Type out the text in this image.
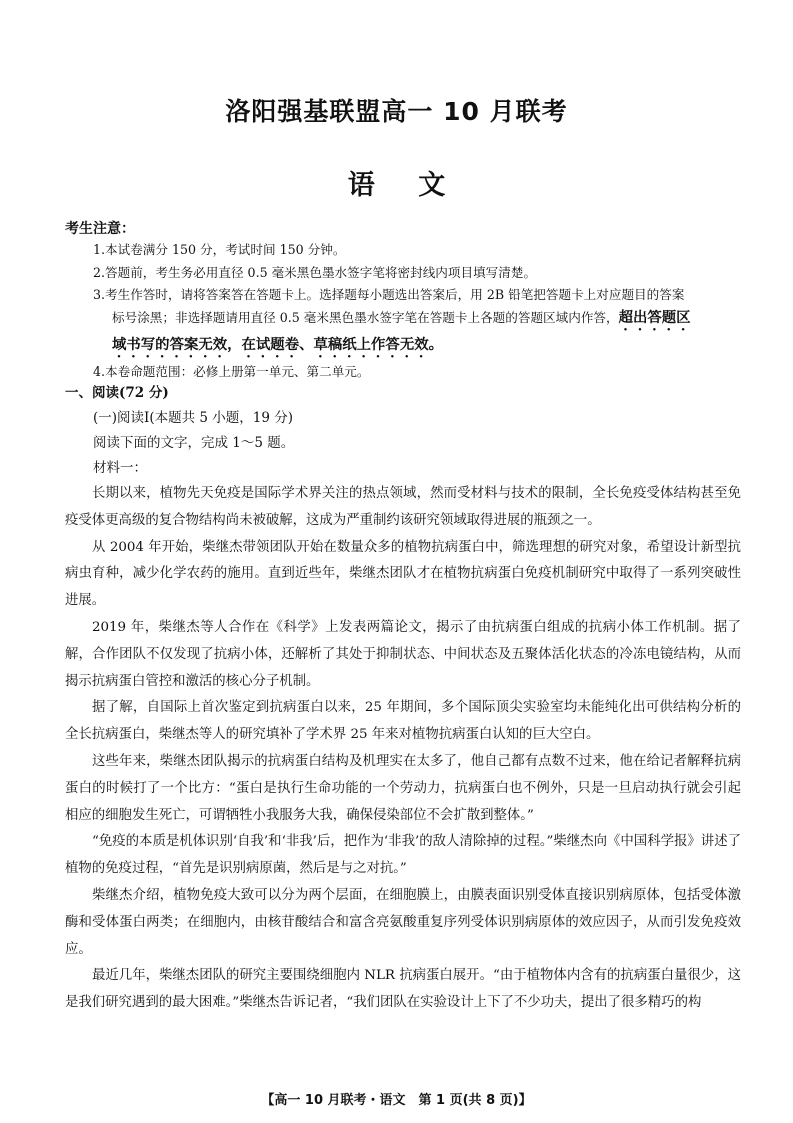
洛阳强基联盟高一 10 月联考
语 文
考生注意：

1.本试卷满分 150 分，考试时间 150 分钟。

2.答题前，考生务必用直径 0.5 毫米黑色墨水签字笔将密封线内项目填写清楚。

3.考生作答时，请将答案答在答题卡上。选择题每小题选出答案后，用 2B 铅笔把答题卡上对应题目的答案

标号涂黑；非选择题请用直径 0.5 毫米黑色墨水签字笔在答题卡上各题的答题区域内作答，超出答题区

域书写的答案无效，在试题卷、草稿纸上作答无效。

4.本卷命题范围：必修上册第一单元、第二单元。

一、阅读(72 分)
(一)阅读Ⅰ(本题共 5 小题，19 分)
阅读下面的文字，完成 1～5 题。
材料一：

长期以来，植物先天免疫是国际学术界关注的热点领域，然而受材料与技术的限制，全长免疫受体结构甚至免疫受体更高级的复合物结构尚未被破解，这成为严重制约该研究领域取得进展的瓶颈之一。

从 2004 年开始，柴继杰带领团队开始在数量众多的植物抗病蛋白中，筛选理想的研究对象，希望设计新型抗病虫育种，减少化学农药的施用。直到近些年，柴继杰团队才在植物抗病蛋白免疫机制研究中取得了一系列突破性进展。

2019 年，柴继杰等人合作在《科学》上发表两篇论文，揭示了由抗病蛋白组成的抗病小体工作机制。据了解，合作团队不仅发现了抗病小体，还解析了其处于抑制状态、中间状态及五聚体活化状态的冷冻电镜结构，从而揭示抗病蛋白管控和激活的核心分子机制。

据了解，自国际上首次鉴定到抗病蛋白以来，25 年期间，多个国际顶尖实验室均未能纯化出可供结构分析的全长抗病蛋白，柴继杰等人的研究填补了学术界 25 年来对植物抗病蛋白认知的巨大空白。

这些年来，柴继杰团队揭示的抗病蛋白结构及机理实在太多了，他自己都有点数不过来，他在给记者解释抗病蛋白的时候打了一个比方：“蛋白是执行生命功能的一个劳动力，抗病蛋白也不例外，只是一旦启动执行就会引起相应的细胞发生死亡，可谓牺牲小我服务大我，确保侵染部位不会扩散到整体。”

“免疫的本质是机体识别‘自我’和‘非我’后，把作为‘非我’的敌人清除掉的过程。”柴继杰向《中国科学报》讲述了植物的免疫过程，“首先是识别病原菌，然后是与之对抗。”

柴继杰介绍，植物免疫大致可以分为两个层面，在细胞膜上，由膜表面识别受体直接识别病原体，包括受体激酶和受体蛋白两类；在细胞内，由核苷酸结合和富含亮氨酸重复序列受体识别病原体的效应因子，从而引发免疫效应。

最近几年，柴继杰团队的研究主要围绕细胞内 NLR 抗病蛋白展开。“由于植物体内含有的抗病蛋白量很少，这是我们研究遇到的最大困难。”柴继杰告诉记者，“我们团队在实验设计上下了不少功夫，提出了很多精巧的构

【高一 10 月联考・语文　第 1 页(共 8 页)】
